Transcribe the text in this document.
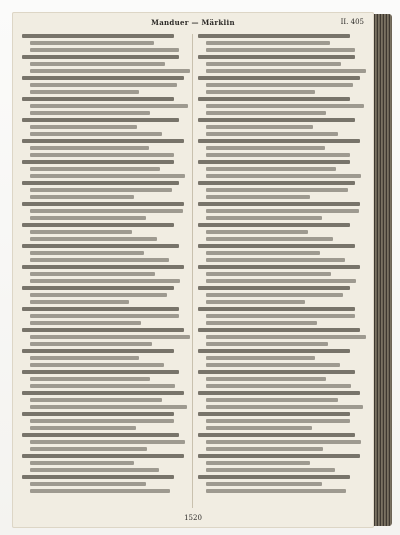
Manduer — Märklin	II. 405
1520
